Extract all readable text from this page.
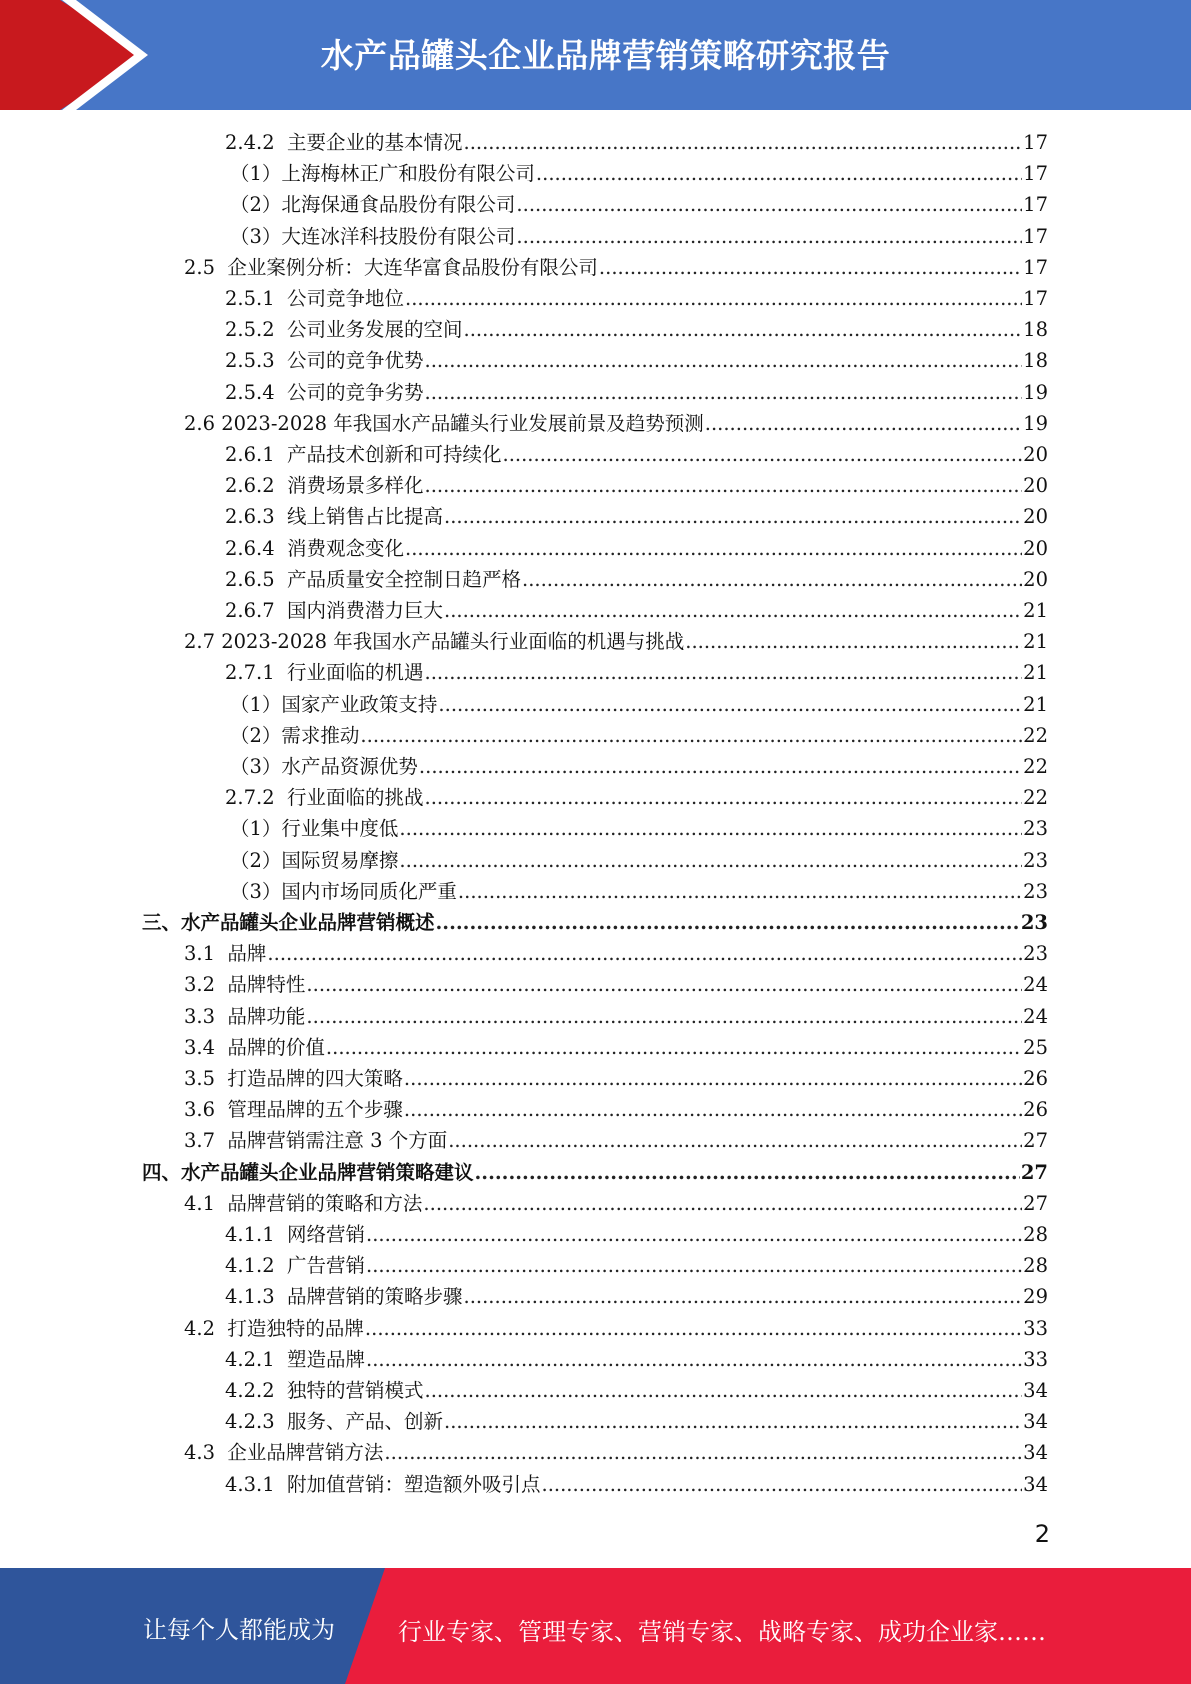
水产品罐头企业品牌营销策略研究报告
2.4.2  主要企业的基本情况 .....	17
（1）上海梅林正广和股份有限公司 .....	17
（2）北海保通食品股份有限公司 .....	17
（3）大连冰洋科技股份有限公司 .....	17
2.5  企业案例分析：大连华富食品股份有限公司 .....	17
2.5.1  公司竞争地位 .....	17
2.5.2  公司业务发展的空间 .....	18
2.5.3  公司的竞争优势 .....	18
2.5.4  公司的竞争劣势 .....	19
2.6 2023-2028 年我国水产品罐头行业发展前景及趋势预测 .....	19
2.6.1  产品技术创新和可持续化 .....	20
2.6.2  消费场景多样化 .....	20
2.6.3  线上销售占比提高 .....	20
2.6.4  消费观念变化 .....	20
2.6.5  产品质量安全控制日趋严格 .....	20
2.6.7  国内消费潜力巨大 .....	21
2.7 2023-2028 年我国水产品罐头行业面临的机遇与挑战 .....	21
2.7.1  行业面临的机遇 .....	21
（1）国家产业政策支持 .....	21
（2）需求推动 .....	22
（3）水产品资源优势 .....	22
2.7.2  行业面临的挑战 .....	22
（1）行业集中度低 .....	23
（2）国际贸易摩擦 .....	23
（3）国内市场同质化严重 .....	23
三、水产品罐头企业品牌营销概述 .....	23
3.1  品牌 .....	23
3.2  品牌特性 .....	24
3.3  品牌功能 .....	24
3.4  品牌的价值 .....	25
3.5  打造品牌的四大策略 .....	26
3.6  管理品牌的五个步骤 .....	26
3.7  品牌营销需注意 3 个方面 .....	27
四、水产品罐头企业品牌营销策略建议 .....	27
4.1  品牌营销的策略和方法 .....	27
4.1.1  网络营销 .....	28
4.1.2  广告营销 .....	28
4.1.3  品牌营销的策略步骤 .....	29
4.2  打造独特的品牌 .....	33
4.2.1  塑造品牌 .....	33
4.2.2  独特的营销模式 .....	34
4.2.3  服务、产品、创新 .....	34
4.3  企业品牌营销方法 .....	34
4.3.1  附加值营销：塑造额外吸引点 .....	34
2
让每个人都能成为	行业专家、管理专家、营销专家、战略专家、成功企业家……
